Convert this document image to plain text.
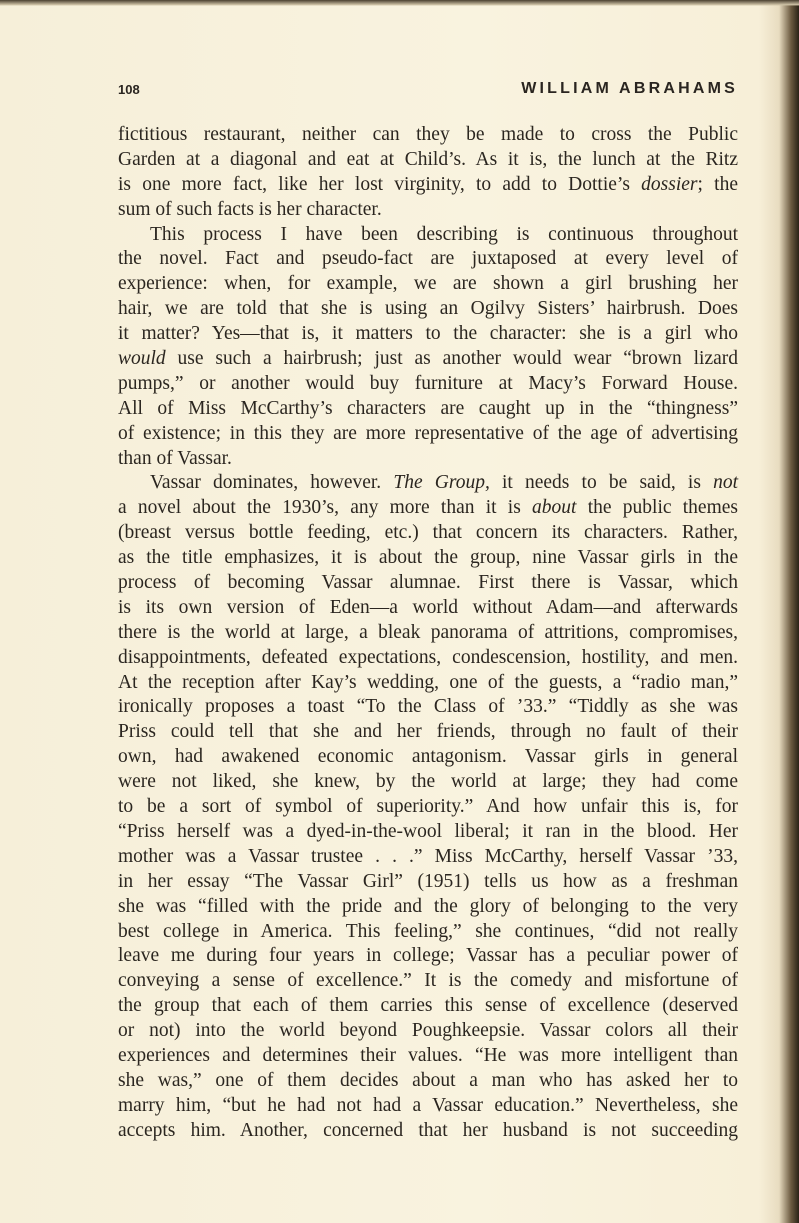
108	WILLIAM ABRAHAMS
fictitious restaurant, neither can they be made to cross the Public
Garden at a diagonal and eat at Child’s. As it is, the lunch at the Ritz
is one more fact, like her lost virginity, to add to Dottie’s dossier; the
sum of such facts is her character.
This process I have been describing is continuous throughout
the novel. Fact and pseudo-fact are juxtaposed at every level of
experience: when, for example, we are shown a girl brushing her
hair, we are told that she is using an Ogilvy Sisters’ hairbrush. Does
it matter? Yes—that is, it matters to the character: she is a girl who
would use such a hairbrush; just as another would wear “brown lizard
pumps,” or another would buy furniture at Macy’s Forward House.
All of Miss McCarthy’s characters are caught up in the “thingness”
of existence; in this they are more representative of the age of advertising
than of Vassar.
Vassar dominates, however. The Group, it needs to be said, is not
a novel about the 1930’s, any more than it is about the public themes
(breast versus bottle feeding, etc.) that concern its characters. Rather,
as the title emphasizes, it is about the group, nine Vassar girls in the
process of becoming Vassar alumnae. First there is Vassar, which
is its own version of Eden—a world without Adam—and afterwards
there is the world at large, a bleak panorama of attritions, compromises,
disappointments, defeated expectations, condescension, hostility, and men.
At the reception after Kay’s wedding, one of the guests, a “radio man,”
ironically proposes a toast “To the Class of ’33.” “Tiddly as she was
Priss could tell that she and her friends, through no fault of their
own, had awakened economic antagonism. Vassar girls in general
were not liked, she knew, by the world at large; they had come
to be a sort of symbol of superiority.” And how unfair this is, for
“Priss herself was a dyed-in-the-wool liberal; it ran in the blood. Her
mother was a Vassar trustee . . .” Miss McCarthy, herself Vassar ’33,
in her essay “The Vassar Girl” (1951) tells us how as a freshman
she was “filled with the pride and the glory of belonging to the very
best college in America. This feeling,” she continues, “did not really
leave me during four years in college; Vassar has a peculiar power of
conveying a sense of excellence.” It is the comedy and misfortune of
the group that each of them carries this sense of excellence (deserved
or not) into the world beyond Poughkeepsie. Vassar colors all their
experiences and determines their values. “He was more intelligent than
she was,” one of them decides about a man who has asked her to
marry him, “but he had not had a Vassar education.” Nevertheless, she
accepts him. Another, concerned that her husband is not succeeding
